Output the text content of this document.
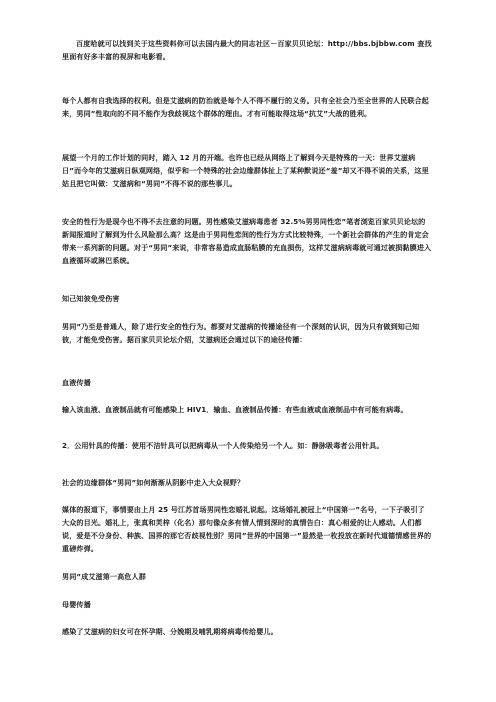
百度哈就可以找到关于这些资料你可以去国内最大的同志社区－百家贝贝论坛：http://bbs.bjbbw.com 查找里面有好多丰富的视屏和电影看。

每个人都有自我选择的权利。但是艾滋病的防治就是每个人不得不履行的义务。只有全社会乃至全世界的人民联合起来，男同”性取向的不同不能作为我歧视这个群体的理由。才有可能取得这场“抗艾”大战的胜利。

展望一个月的工作计划的同时，踏入 12 月的开端。也许也已经从网络上了解到今天是特殊的一天：世界艾滋病日”而今年的艾滋病日纵观网络，似乎和一个特殊的社会边缘群体扯上了某种默说还“羞”却又不得不说的关系，这里姑且把它叫做：艾滋病和“男同”不得不说的那些事儿。

安全的性行为是现今也不得不去注意的问题。男性感染艾滋病毒患者 32.5%男男同性恋”笔者浏览百家贝贝论坛的新闻报道时了解到为什么风险那么高？这是由于男同性恋间的性行为方式比较特殊，一个新社会群体的产生的肯定会带来一系列新的问题。对于“男同”来说，非常容易造成直肠粘膜的充血损伤，这样艾滋病病毒就可通过被损黏膜进入血液循环或淋巴系统。

知己知彼免受伤害

男同”乃至是普通人，除了进行安全的性行为。都要对艾滋病的传播途径有一个深刻的认识，因为只有做到知己知彼，才能免受伤害。据百家贝贝论坛介绍，艾滋病还会通过以下的途径传播：

血液传播

输入该血液、血液制品就有可能感染上 HIV1．输血、血液制品传播：有些血液或血液制品中有可能有病毒。

2．公用针具的传播：使用不洁针具可以把病毒从一个人传染给另一个人。如：静脉吸毒者公用针具。

社会的边缘群体“男同”如何渐渐从阴影中走入大众视野？

媒体的报道下，事情要由上月 25 号江苏首场男同性恋婚礼说起。这场婚礼被冠上“中国第一”名号，一下子吸引了大众的目光。婚礼上，张真和芙梓（化名）那句像众多有情人情到深时的真情告白：真心相爱的让人感动。人们都说，爱是不分身份、种族、国界的那它否歧视性别？男同”世界的中国第一”显然是一枚投放在新时代道德情感世界的重磅炸弹。

男同”成艾滋第一高危人群

母婴传播

感染了艾滋病的妇女可在怀孕期、分娩期及哺乳期将病毒传给婴儿。
